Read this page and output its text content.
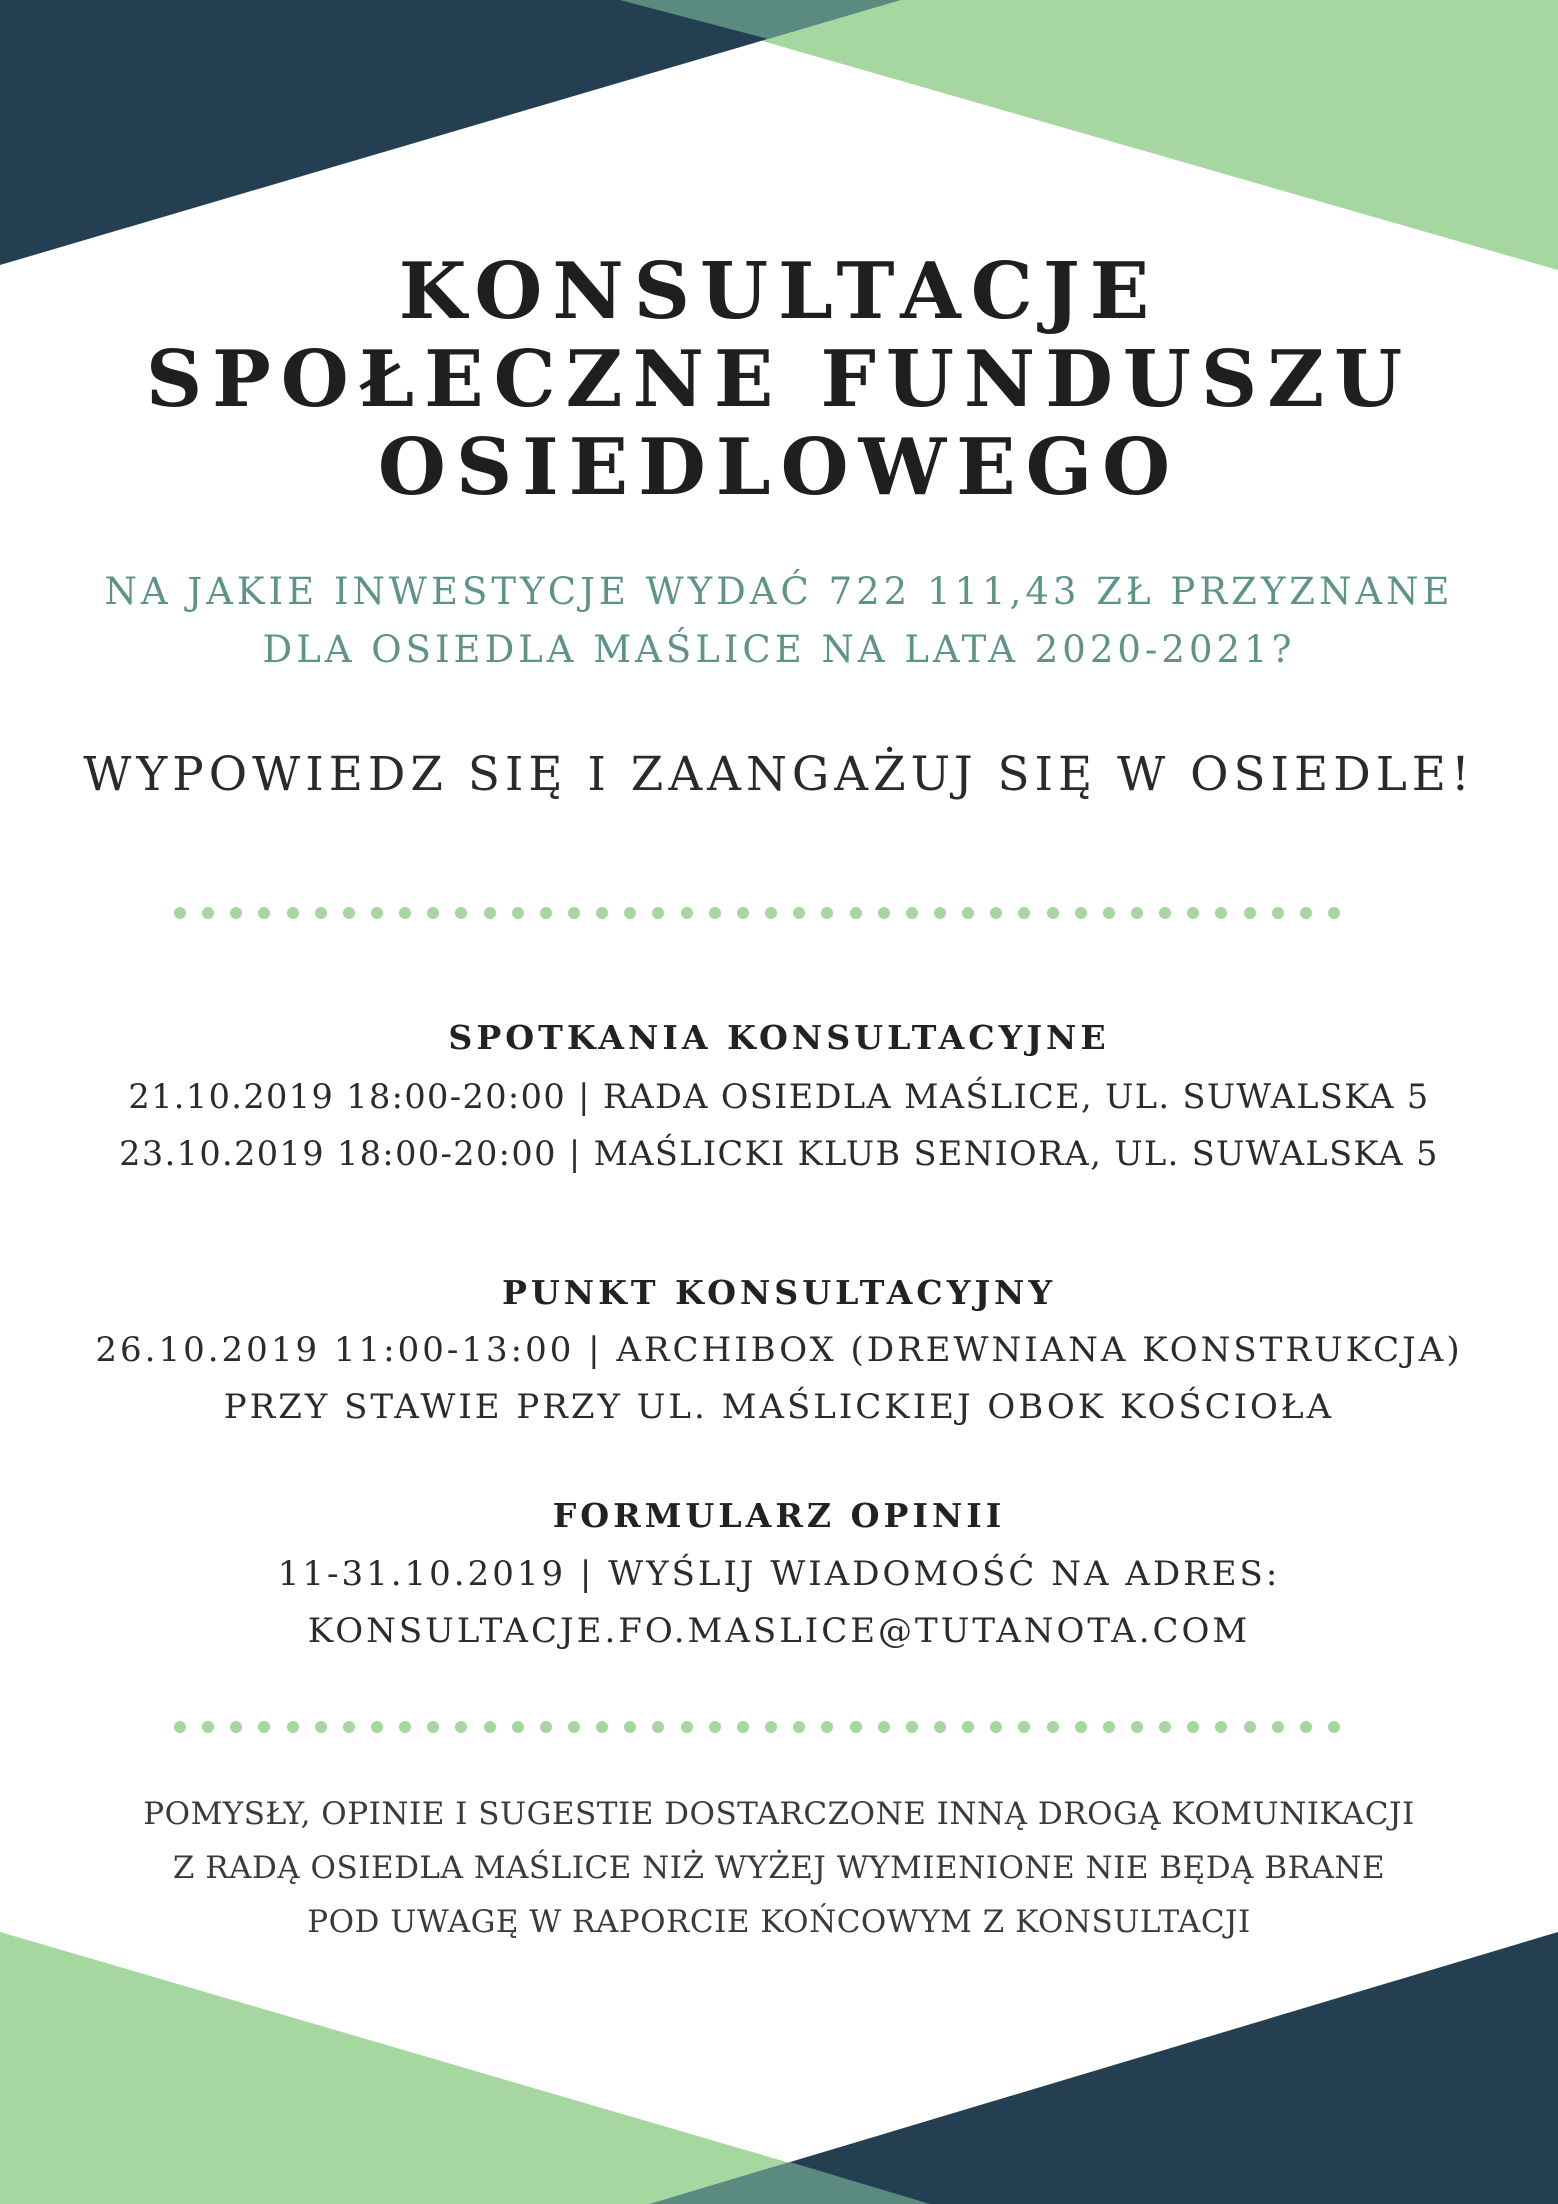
KONSULTACJE
SPOŁECZNE FUNDUSZU
OSIEDLOWEGO
NA JAKIE INWESTYCJE WYDAĆ 722 111,43 ZŁ PRZYZNANE
DLA OSIEDLA MAŚLICE NA LATA 2020-2021?
WYPOWIEDZ SIĘ I ZAANGAŻUJ SIĘ W OSIEDLE!
SPOTKANIA KONSULTACYJNE
21.10.2019 18:00-20:00 | RADA OSIEDLA MAŚLICE, UL. SUWALSKA 5
23.10.2019 18:00-20:00 | MAŚLICKI KLUB SENIORA, UL. SUWALSKA 5
PUNKT KONSULTACYJNY
26.10.2019 11:00-13:00 | ARCHIBOX (DREWNIANA KONSTRUKCJA)
PRZY STAWIE PRZY UL. MAŚLICKIEJ OBOK KOŚCIOŁA
FORMULARZ OPINII
11-31.10.2019 | WYŚLIJ WIADOMOŚĆ NA ADRES:
KONSULTACJE.FO.MASLICE@TUTANOTA.COM
POMYSŁY, OPINIE I SUGESTIE DOSTARCZONE INNĄ DROGĄ KOMUNIKACJI
Z RADĄ OSIEDLA MAŚLICE NIŻ WYŻEJ WYMIENIONE NIE BĘDĄ BRANE
POD UWAGĘ W RAPORCIE KOŃCOWYM Z KONSULTACJI
